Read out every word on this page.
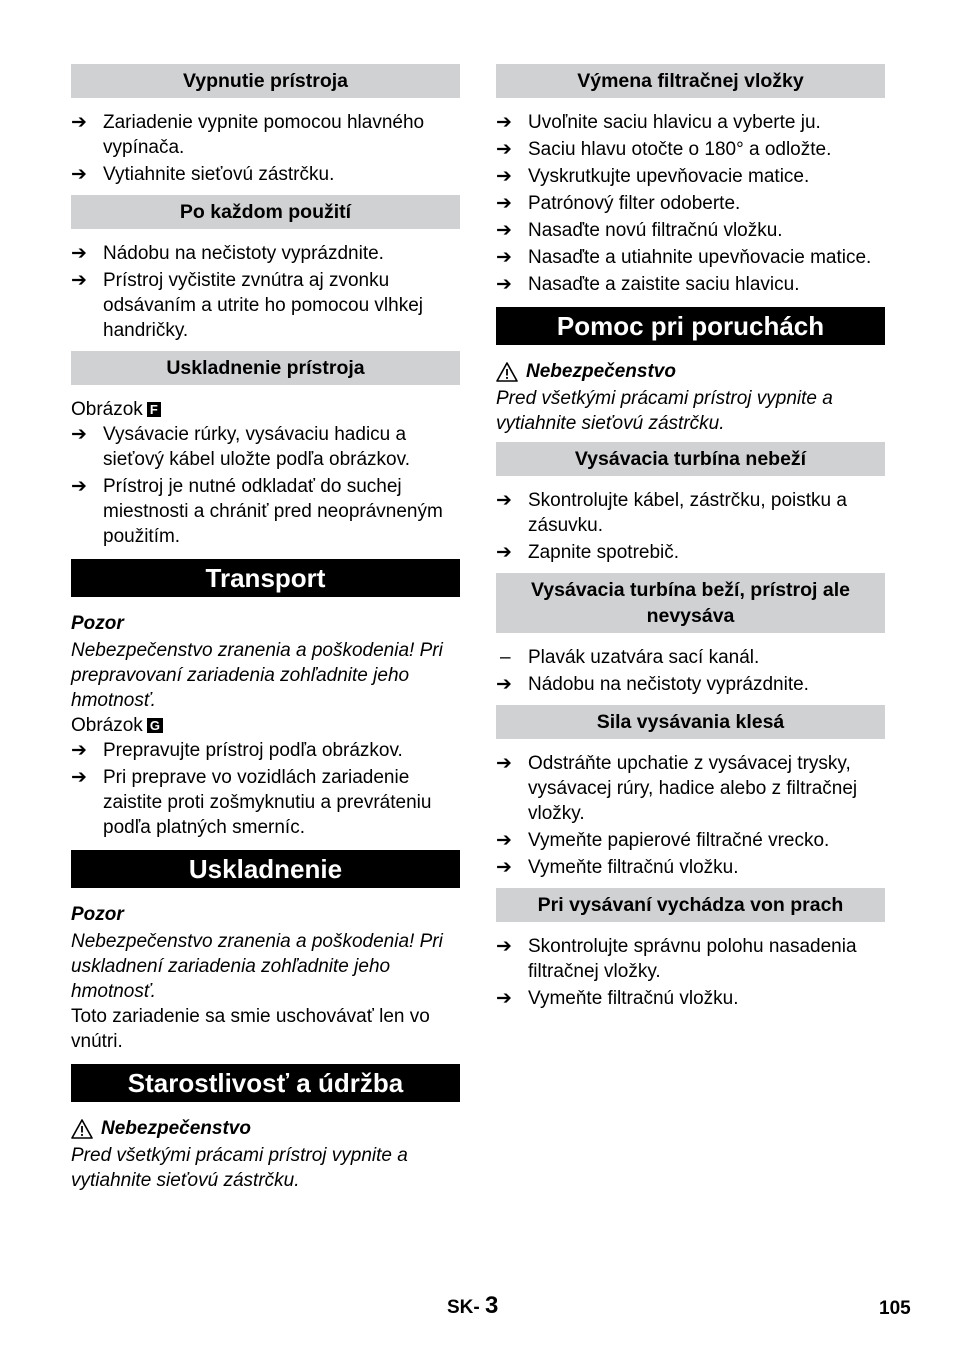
Vypnutie prístroja
➔ Zariadenie vypnite pomocou hlavného vypínača.
➔ Vytiahnite sieťovú zástrčku.
Po každom použití
➔ Nádobu na nečistoty vyprázdnite.
➔ Prístroj vyčistite zvnútra aj zvonku odsávaním a utrite ho pomocou vlhkej handričky.
Uskladnenie prístroja

Obrázok F

➔ Vysávacie rúrky, vysávaciu hadicu a sieťový kábel uložte podľa obrázkov.
➔ Prístroj je nutné odkladať do suchej miestnosti a chrániť pred neoprávneným použitím.
Transport

Pozor

Nebezpečenstvo zranenia a poškodenia! Pri prepravovaní zariadenia zohľadnite jeho hmotnosť.

Obrázok G

➔ Prepravujte prístroj podľa obrázkov.
➔ Pri preprave vo vozidlách zariadenie zaistite proti zošmyknutiu a prevráteniu podľa platných smerníc.
Uskladnenie

Pozor

Nebezpečenstvo zranenia a poškodenia! Pri uskladnení zariadenia zohľadnite jeho hmotnosť.

Toto zariadenie sa smie uschovávať len vo vnútri.

Starostlivosť a údržba
Nebezpečenstvo

Pred všetkými prácami prístroj vypnite a vytiahnite sieťovú zástrčku.

Výmena filtračnej vložky
➔ Uvoľnite saciu hlavicu a vyberte ju.
➔ Saciu hlavu otočte o 180° a odložte.
➔ Vyskrutkujte upevňovacie matice.
➔ Patrónový filter odoberte.
➔ Nasaďte novú filtračnú vložku.
➔ Nasaďte a utiahnite upevňovacie matice.
➔ Nasaďte a zaistite saciu hlavicu.
Pomoc pri poruchách
Nebezpečenstvo

Pred všetkými prácami prístroj vypnite a vytiahnite sieťovú zástrčku.

Vysávacia turbína nebeží
➔ Skontrolujte kábel, zástrčku, poistku a zásuvku.
➔ Zapnite spotrebič.
Vysávacia turbína beží, prístroj ale nevysáva
– Plavák uzatvára sací kanál.
➔ Nádobu na nečistoty vyprázdnite.
Sila vysávania klesá
➔ Odstráňte upchatie z vysávacej trysky, vysávacej rúry, hadice alebo z filtračnej vložky.
➔ Vymeňte papierové filtračné vrecko.
➔ Vymeňte filtračnú vložku.
Pri vysávaní vychádza von prach
➔ Skontrolujte správnu polohu nasadenia filtračnej vložky.
➔ Vymeňte filtračnú vložku.
SK- 3	105
